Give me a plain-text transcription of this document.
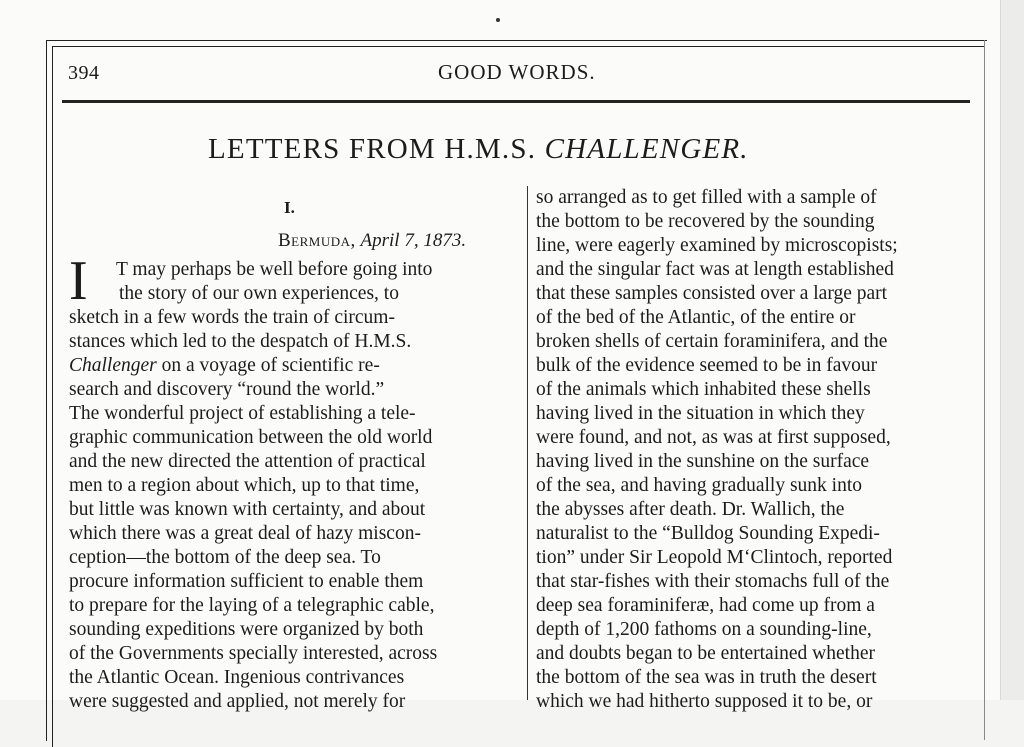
394	GOOD WORDS.
LETTERS FROM H.M.S. CHALLENGER.
I.
Bermuda, April 7, 1873.
I T may perhaps be well before going into
the story of our own experiences, to
sketch in a few words the train of circum-
stances which led to the despatch of H.M.S.
Challenger on a voyage of scientific re-
search and discovery “round the world.”
The wonderful project of establishing a tele-
graphic communication between the old world
and the new directed the attention of practical
men to a region about which, up to that time,
but little was known with certainty, and about
which there was a great deal of hazy miscon-
ception—the bottom of the deep sea. To
procure information sufficient to enable them
to prepare for the laying of a telegraphic cable,
sounding expeditions were organized by both
of the Governments specially interested, across
the Atlantic Ocean. Ingenious contrivances
were suggested and applied, not merely for
so arranged as to get filled with a sample of
the bottom to be recovered by the sounding
line, were eagerly examined by microscopists;
and the singular fact was at length established
that these samples consisted over a large part
of the bed of the Atlantic, of the entire or
broken shells of certain foraminifera, and the
bulk of the evidence seemed to be in favour
of the animals which inhabited these shells
having lived in the situation in which they
were found, and not, as was at first supposed,
having lived in the sunshine on the surface
of the sea, and having gradually sunk into
the abysses after death. Dr. Wallich, the
naturalist to the “Bulldog Sounding Expedi-
tion” under Sir Leopold M‘Clintoch, reported
that star-fishes with their stomachs full of the
deep sea foraminiferæ, had come up from a
depth of 1,200 fathoms on a sounding-line,
and doubts began to be entertained whether
the bottom of the sea was in truth the desert
which we had hitherto supposed it to be, or
